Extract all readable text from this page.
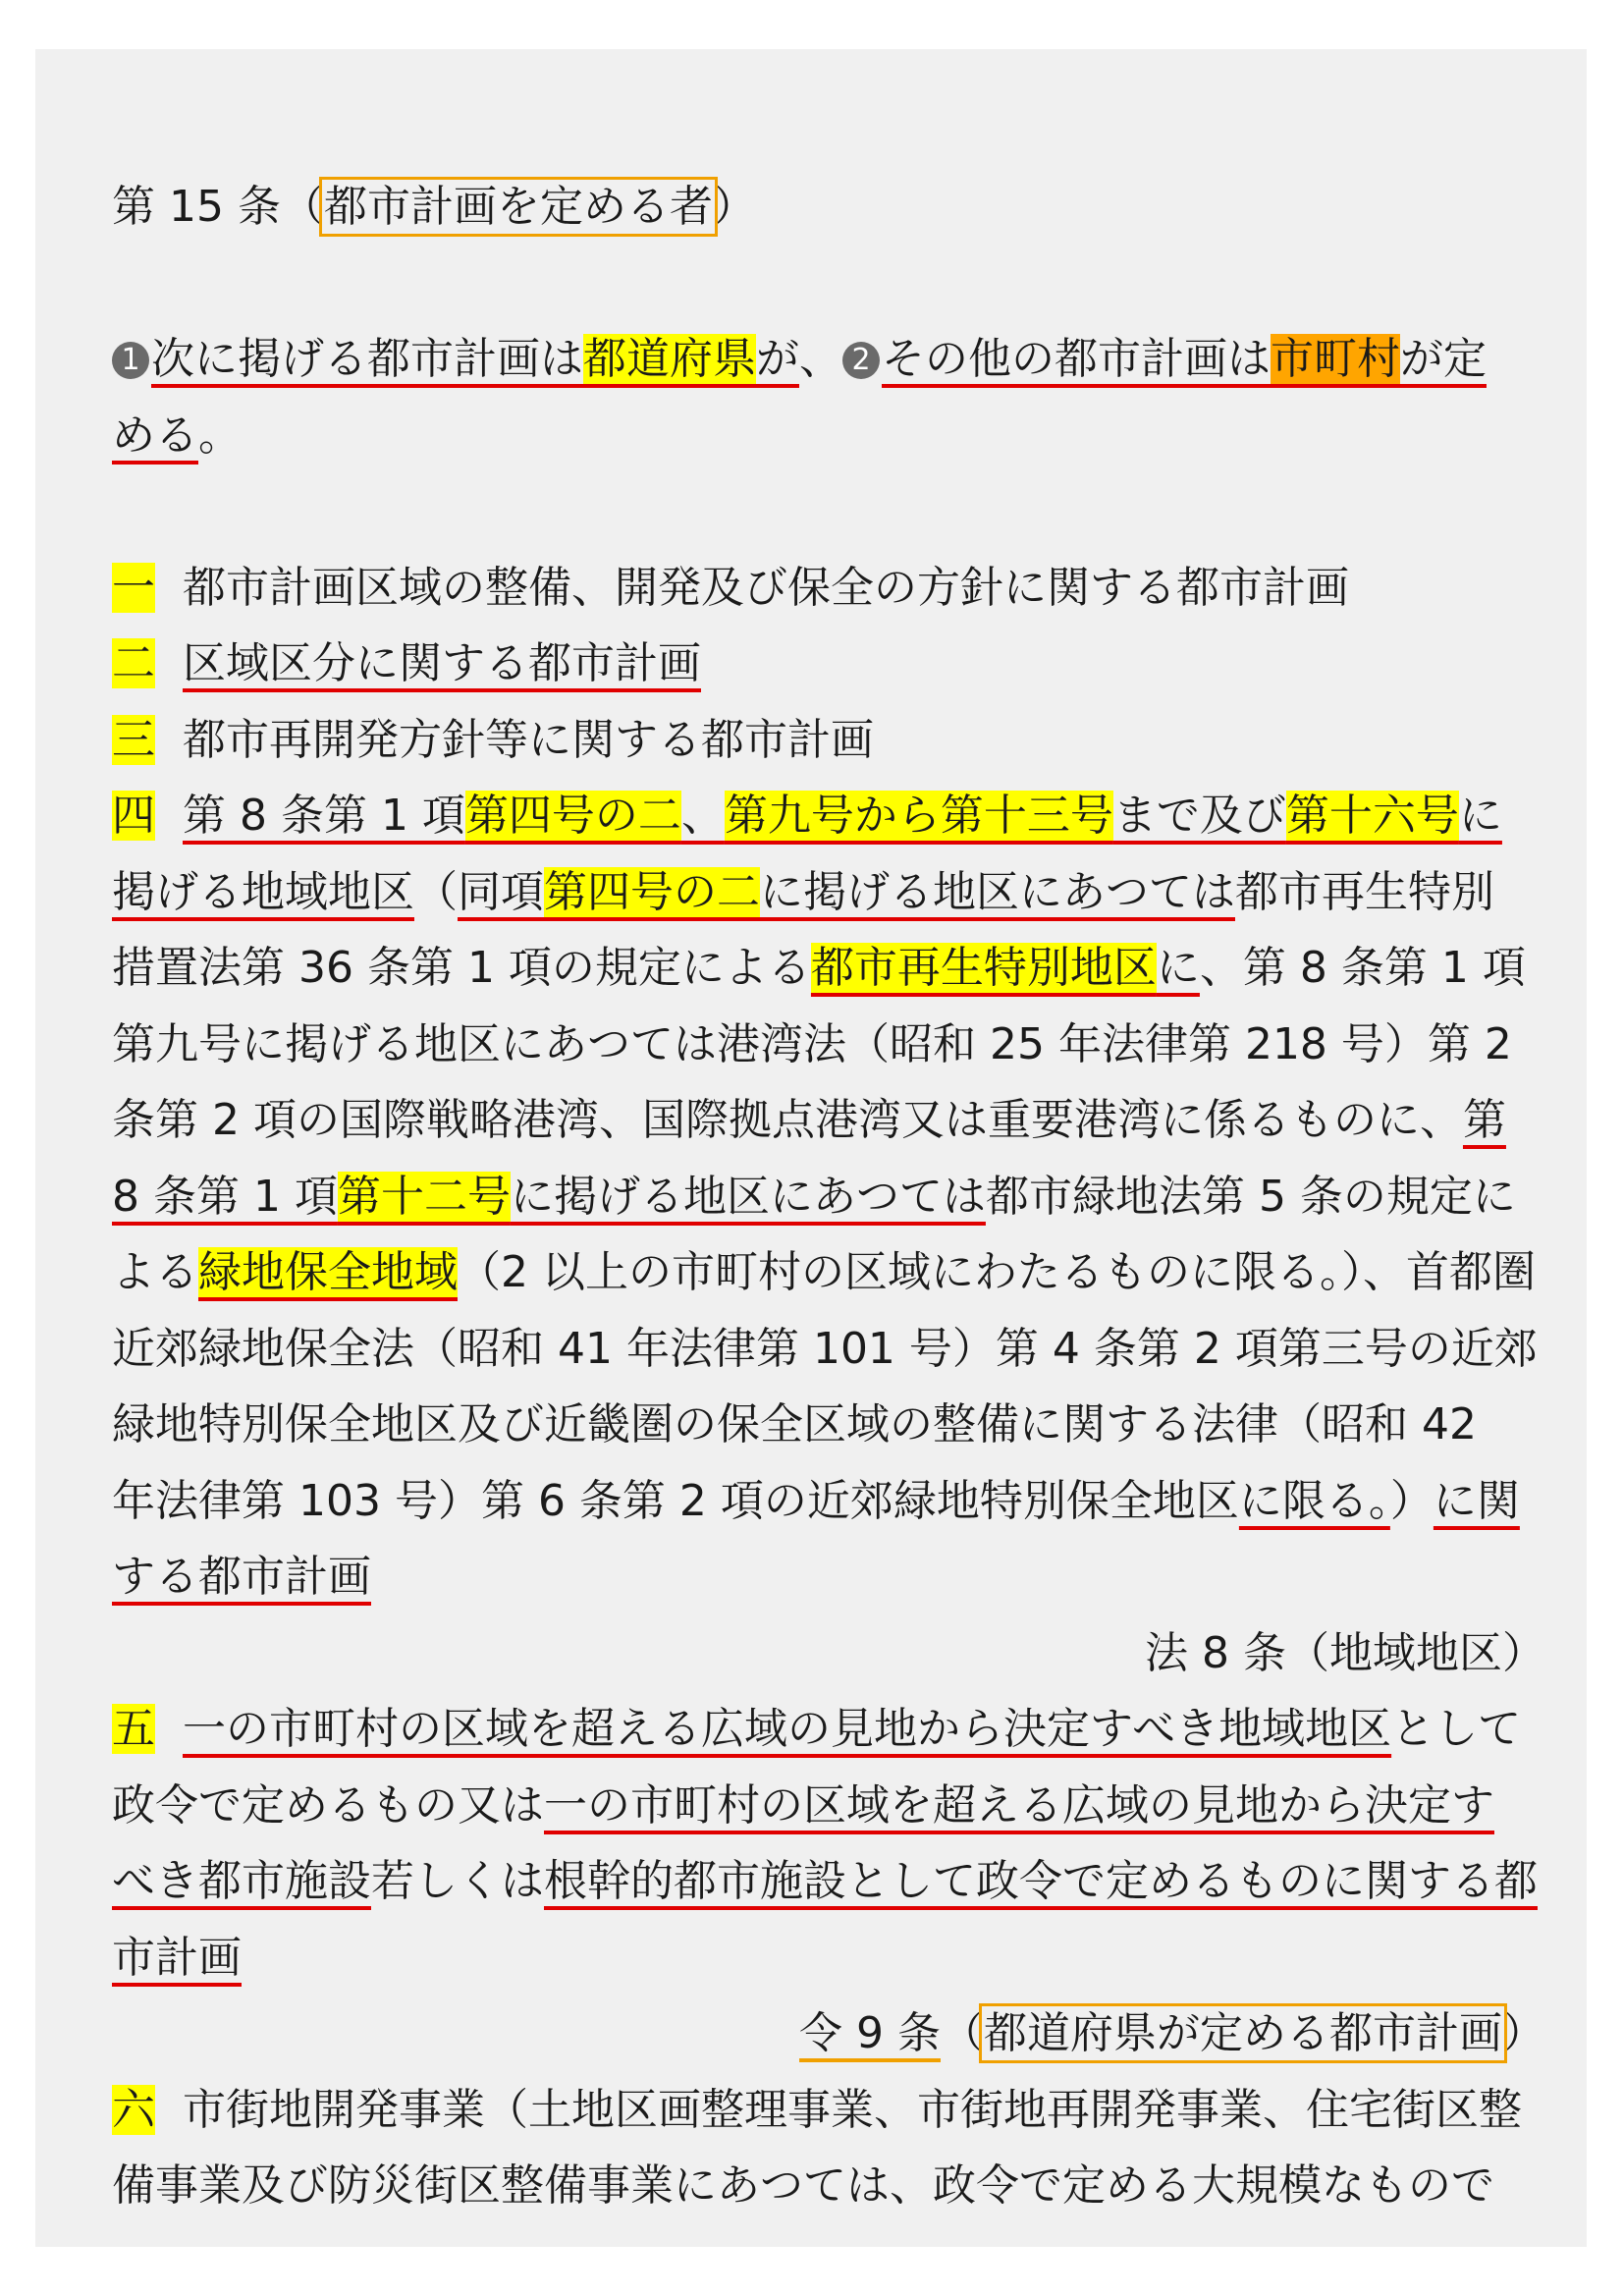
第 15 条（都市計画を定める者）
1 次に掲げる都市計画は都道府県が、 2 その他の都市計画は市町村が定
める。
一 都市計画区域の整備、開発及び保全の方針に関する都市計画
二 区域区分に関する都市計画
三 都市再開発方針等に関する都市計画
四 第 8 条第 1 項第四号の二、第九号から第十三号まで及び第十六号に
掲げる地域地区（同項第四号の二に掲げる地区にあつては都市再生特別
措置法第 36 条第 1 項の規定による都市再生特別地区に、第 8 条第 1 項
第九号に掲げる地区にあつては港湾法（昭和 25 年法律第 218 号）第 2
条第 2 項の国際戦略港湾、国際拠点港湾又は重要港湾に係るものに、第
8 条第 1 項第十二号に掲げる地区にあつては都市緑地法第 5 条の規定に
よる緑地保全地域（2 以上の市町村の区域にわたるものに限る。）、首都圏
近郊緑地保全法（昭和 41 年法律第 101 号）第 4 条第 2 項第三号の近郊
緑地特別保全地区及び近畿圏の保全区域の整備に関する法律（昭和 42
年法律第 103 号）第 6 条第 2 項の近郊緑地特別保全地区に限る。）に関
する都市計画
法 8 条（地域地区）
五 一の市町村の区域を超える広域の見地から決定すべき地域地区として
政令で定めるもの又は一の市町村の区域を超える広域の見地から決定す
べき都市施設若しくは根幹的都市施設として政令で定めるものに関する都
市計画
令 9 条（都道府県が定める都市計画）
六 市街地開発事業（土地区画整理事業、市街地再開発事業、住宅街区整
備事業及び防災街区整備事業にあつては、政令で定める大規模なもので
